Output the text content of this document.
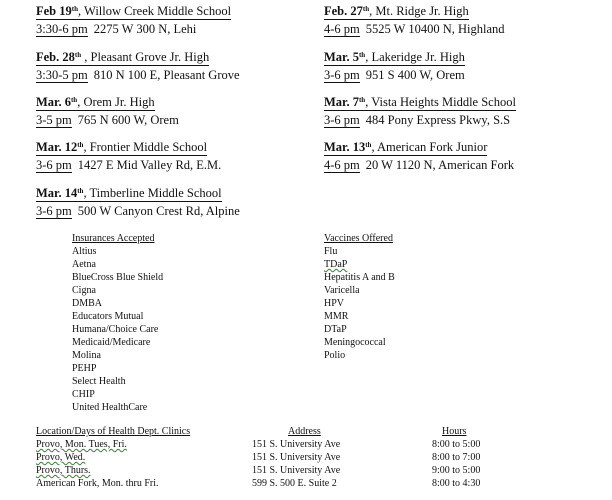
Feb 19th, Willow Creek Middle School
3:30-6 pm 2275 W 300 N, Lehi
Feb. 27th, Mt. Ridge Jr. High
4-6 pm 5525 W 10400 N, Highland
Feb. 28th , Pleasant Grove Jr. High
3:30-5 pm 810 N 100 E, Pleasant Grove
Mar. 5th, Lakeridge Jr. High
3-6 pm 951 S 400 W, Orem
Mar. 6th, Orem Jr. High
3-5 pm 765 N 600 W, Orem
Mar. 7th, Vista Heights Middle School
3-6 pm 484 Pony Express Pkwy, S.S
Mar. 12th, Frontier Middle School
3-6 pm 1427 E Mid Valley Rd, E.M.
Mar. 13th, American Fork Junior
4-6 pm 20 W 1120 N, American Fork
Mar. 14th, Timberline Middle School
3-6 pm 500 W Canyon Crest Rd, Alpine
Insurances Accepted
Altius
Aetna
BlueCross Blue Shield
Cigna
DMBA
Educators Mutual
Humana/Choice Care
Medicaid/Medicare
Molina
PEHP
Select Health
CHIP
United HealthCare
Vaccines Offered
Flu
TDaP
Hepatitis A and B
Varicella
HPV
MMR
DTaP
Meningococcal
Polio
Location/Days of Health Dept. Clinics	Address	Hours
Provo, Mon. Tues, Fri.	151 S. University Ave	8:00 to 5:00
Provo, Wed.	151 S. University Ave	8:00 to 7:00
Provo, Thurs.	151 S. University Ave	9:00 to 5:00
American Fork, Mon. thru Fri.	599 S. 500 E. Suite 2	8:00 to 4:30
